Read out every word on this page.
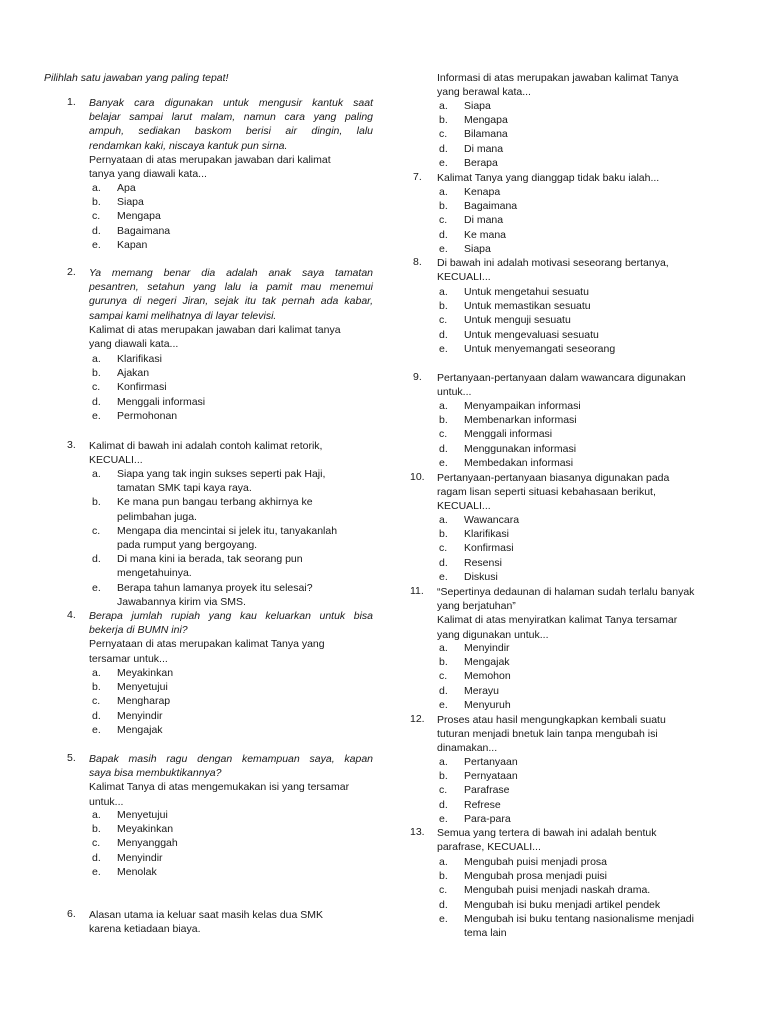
Pilihlah satu jawaban yang paling tepat!
1. Banyak cara digunakan untuk mengusir kantuk saat

belajar sampai larut malam, namun cara yang paling

ampuh, sediakan baskom berisi air dingin, lalu

rendamkan kaki, niscaya kantuk pun sirna.

Pernyataan di atas merupakan jawaban dari kalimat

tanya yang diawali kata...

a.	Apa
b.	Siapa
c.	Mengapa
d.	Bagaimana
e.	Kapan
2. Ya memang benar dia adalah anak saya tamatan

pesantren, setahun yang lalu ia pamit mau menemui

gurunya di negeri Jiran, sejak itu tak pernah ada kabar,

sampai kami melihatnya di layar televisi.

Kalimat di atas merupakan jawaban dari kalimat tanya

yang diawali kata...

a.	Klarifikasi
b.	Ajakan
c.	Konfirmasi
d.	Menggali informasi
e.	Permohonan
3. Kalimat di bawah ini adalah contoh kalimat retorik,

KECUALI...

a.	Siapa yang tak ingin sukses seperti pak Haji,
tamatan SMK tapi kaya raya.
b.	Ke mana pun bangau terbang akhirnya ke
pelimbahan juga.
c.	Mengapa dia mencintai si jelek itu, tanyakanlah
pada rumput yang bergoyang.
d.	Di mana kini ia berada, tak seorang pun
mengetahuinya.
e.	Berapa tahun lamanya proyek itu selesai?
Jawabannya kirim via SMS.
4. Berapa jumlah rupiah yang kau keluarkan untuk bisa

bekerja di BUMN ini?

Pernyataan di atas merupakan kalimat Tanya yang

tersamar untuk...

a.	Meyakinkan
b.	Menyetujui
c.	Mengharap
d.	Menyindir
e.	Mengajak
5. Bapak masih ragu dengan kemampuan saya, kapan

saya bisa membuktikannya?

Kalimat Tanya di atas mengemukakan isi yang tersamar

untuk...

a.	Menyetujui
b.	Meyakinkan
c.	Menyanggah
d.	Menyindir
e.	Menolak
6. Alasan utama ia keluar saat masih kelas dua SMK

karena ketiadaan biaya.

Informasi di atas merupakan jawaban kalimat Tanya

yang berawal kata...

a.	Siapa
b.	Mengapa
c.	Bilamana
d.	Di mana
e.	Berapa
7. Kalimat Tanya yang dianggap tidak baku ialah...

a.	Kenapa
b.	Bagaimana
c.	Di mana
d.	Ke mana
e.	Siapa
8. Di bawah ini adalah motivasi seseorang bertanya,

KECUALI...

a.	Untuk mengetahui sesuatu
b.	Untuk memastikan sesuatu
c.	Untuk menguji sesuatu
d.	Untuk mengevaluasi sesuatu
e.	Untuk menyemangati seseorang
9. Pertanyaan-pertanyaan dalam wawancara digunakan

untuk...

a.	Menyampaikan informasi
b.	Membenarkan informasi
c.	Menggali informasi
d.	Menggunakan informasi
e.	Membedakan informasi
10. Pertanyaan-pertanyaan biasanya digunakan pada

ragam lisan seperti situasi kebahasaan berikut,

KECUALI...

a.	Wawancara
b.	Klarifikasi
c.	Konfirmasi
d.	Resensi
e.	Diskusi
11. “Sepertinya dedaunan di halaman sudah terlalu banyak

yang berjatuhan”

Kalimat di atas menyiratkan kalimat Tanya tersamar

yang digunakan untuk...

a.	Menyindir
b.	Mengajak
c.	Memohon
d.	Merayu
e.	Menyuruh
12. Proses atau hasil mengungkapkan kembali suatu

tuturan menjadi bnetuk lain tanpa mengubah isi

dinamakan...

a.	Pertanyaan
b.	Pernyataan
c.	Parafrase
d.	Refrese
e.	Para-para
13. Semua yang tertera di bawah ini adalah bentuk

parafrase, KECUALI...

a.	Mengubah puisi menjadi prosa
b.	Mengubah prosa menjadi puisi
c.	Mengubah puisi menjadi naskah drama.
d.	Mengubah isi buku menjadi artikel pendek
e.	Mengubah isi buku tentang nasionalisme menjadi
tema lain
